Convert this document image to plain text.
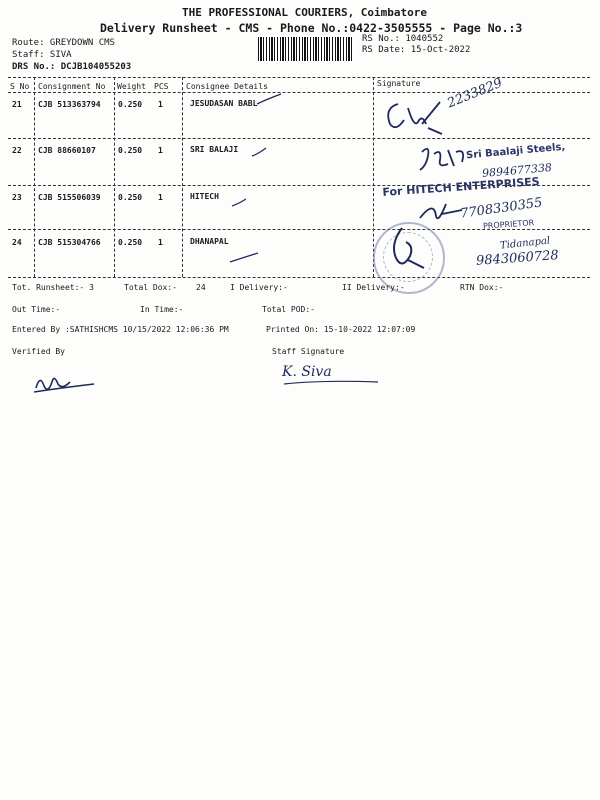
THE PROFESSIONAL COURIERS, Coimbatore
Delivery Runsheet - CMS - Phone No.:0422-3505555 - Page No.:3
Route: GREYDOWN CMS
Staff: SIVA
DRS No.: DCJB104055203
RS No.: 1040552
RS Date: 15-Oct-2022
S No Consignment No Weight PCS Consignee Details	Signature
21 CJB 513363794 0.250 1	JESUDASAN BABL
22 CJB 88660107	0.250 1	SRI BALAJI
23 CJB 515506039 0.250 1	HITECH
24 CJB 515304766 0.250 1	DHANAPAL
2233829
Sri Baalaji Steels,
9894677338
For HITECH ENTERPRISES
7708330355
PROPRIETOR
Tidanapal
9843060728
Tot. Runsheet:- 3	Total Dox:- 24	I Delivery:-	II Delivery:-	RTN Dox:-
Out Time:-	In Time:-	Total POD:-
Entered By :SATHISHCMS 10/15/2022 12:06:36 PM	Printed On: 15-10-2022 12:07:09
Verified By	Staff Signature
K. Siva
